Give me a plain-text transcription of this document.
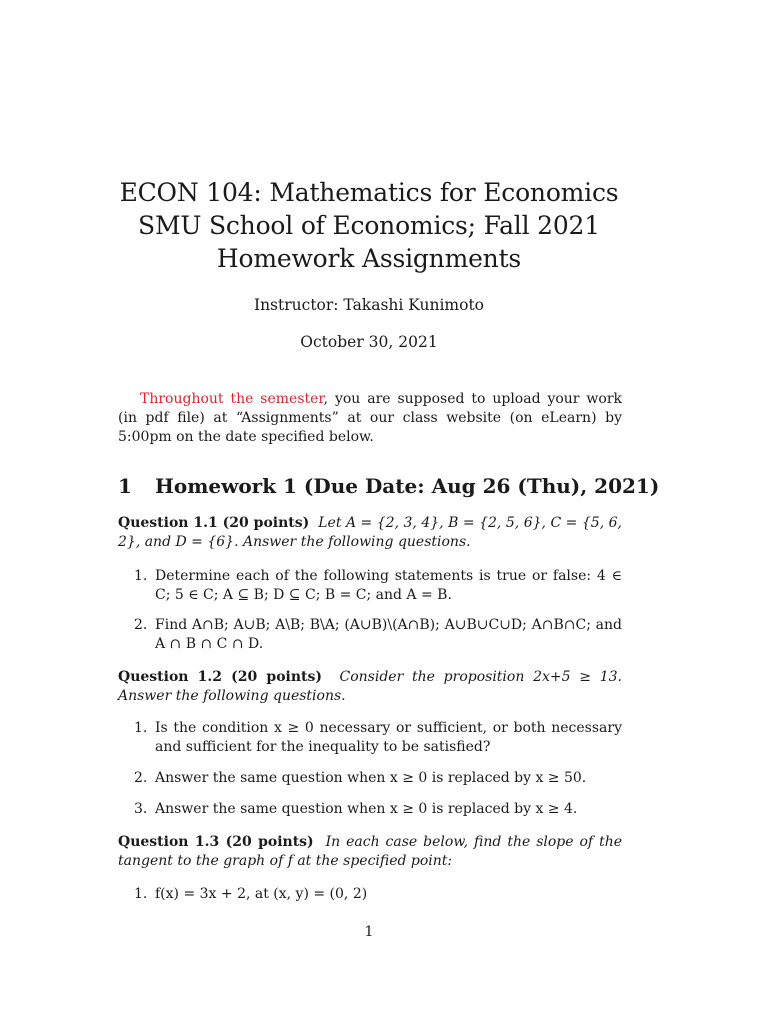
ECON 104: Mathematics for Economics
SMU School of Economics; Fall 2021
Homework Assignments
Instructor: Takashi Kunimoto
October 30, 2021
Throughout the semester, you are supposed to upload your work (in pdf file) at “Assignments” at our class website (on eLearn) by 5:00pm on the date specified below.
1 Homework 1 (Due Date: Aug 26 (Thu), 2021)
Question 1.1 (20 points) Let A = {2, 3, 4}, B = {2, 5, 6}, C = {5, 6, 2}, and D = {6}. Answer the following questions.
1. Determine each of the following statements is true or false: 4 ∈ C; 5 ∈ C; A ⊆ B; D ⊆ C; B = C; and A = B.
2. Find A∩B; A∪B; A\B; B\A; (A∪B)\(A∩B); A∪B∪C∪D; A∩B∩C; and A ∩ B ∩ C ∩ D.
Question 1.2 (20 points) Consider the proposition 2x+5 ≥ 13. Answer the following questions.
1. Is the condition x ≥ 0 necessary or sufficient, or both necessary and sufficient for the inequality to be satisfied?
2. Answer the same question when x ≥ 0 is replaced by x ≥ 50.
3. Answer the same question when x ≥ 0 is replaced by x ≥ 4.
Question 1.3 (20 points) In each case below, find the slope of the tangent to the graph of f at the specified point:
1. f(x) = 3x + 2, at (x, y) = (0, 2)
1
